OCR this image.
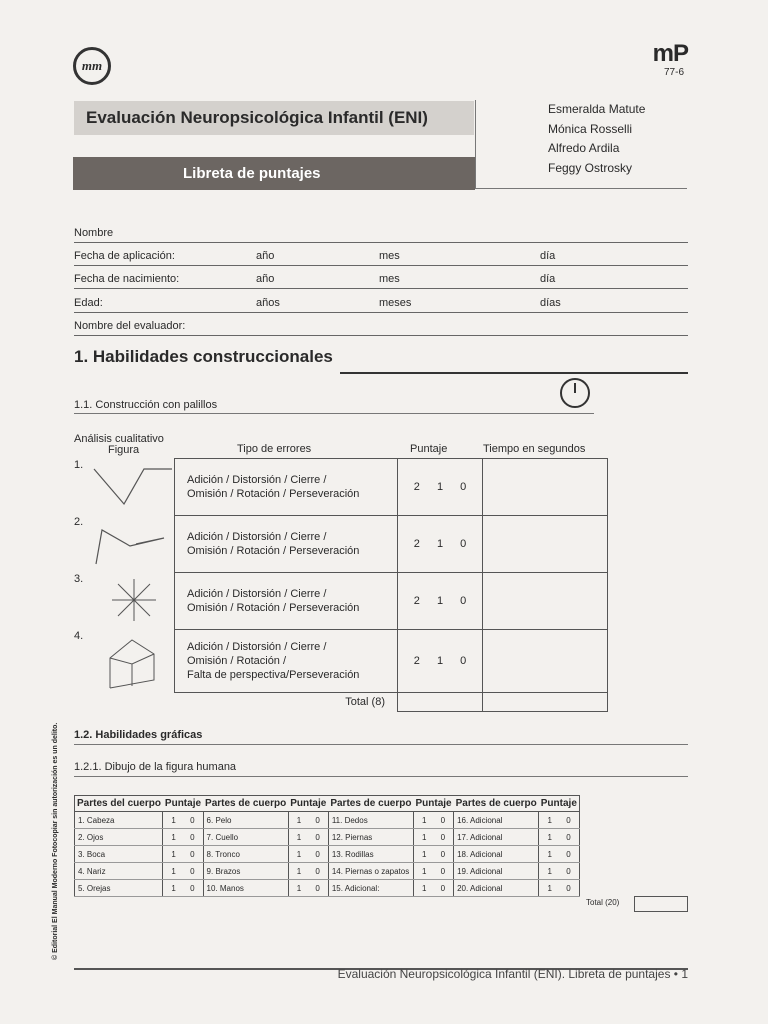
mm	mP
77-6
Evaluación Neuropsicológica Infantil (ENI)
Libreta de puntajes
Esmeralda Matute
Mónica Rosselli
Alfredo Ardila
Feggy Ostrosky
Nombre
Fecha de aplicación:	año	mes	día
Fecha de nacimiento:	año	mes	día
Edad:	años	meses	días
Nombre del evaluador:
1. Habilidades construccionales
1.1. Construcción con palillos
Análisis cualitativo
Figura	Tipo de errores	Puntaje	Tiempo en segundos
1.	Adición / Distorsión / Cierre /
Omisión / Rotación / Perseveración	2 1 0	

2.	Adición / Distorsión / Cierre /
Omisión / Rotación / Perseveración	2 1 0	

3.	Adición / Distorsión / Cierre /
Omisión / Rotación / Perseveración	2 1 0	

4.	Adición / Distorsión / Cierre /
Omisión / Rotación /
Falta de perspectiva/Perseveración	2 1 0	
	Total (8)		
1.2. Habilidades gráficas
1.2.1. Dibujo de la figura humana
Partes del cuerpo	Puntaje	Partes de cuerpo	Puntaje	Partes de cuerpo	Puntaje	Partes de cuerpo	Puntaje
1. Cabeza	1 0	6. Pelo	1 0	11. Dedos	1 0	16. Adicional	1 0
2. Ojos	1 0	7. Cuello	1 0	12. Piernas	1 0	17. Adicional	1 0
3. Boca	1 0	8. Tronco	1 0	13. Rodillas	1 0	18. Adicional	1 0
4. Nariz	1 0	9. Brazos	1 0	14. Piernas o zapatos	1 0	19. Adicional	1 0
5. Orejas	1 0	10. Manos	1 0	15. Adicional:	1 0	20. Adicional	1 0
Total (20)
© Editorial El Manual Moderno Fotocopiar sin autorización es un delito.
Evaluación Neuropsicológica Infantil (ENI). Libreta de puntajes • 1
